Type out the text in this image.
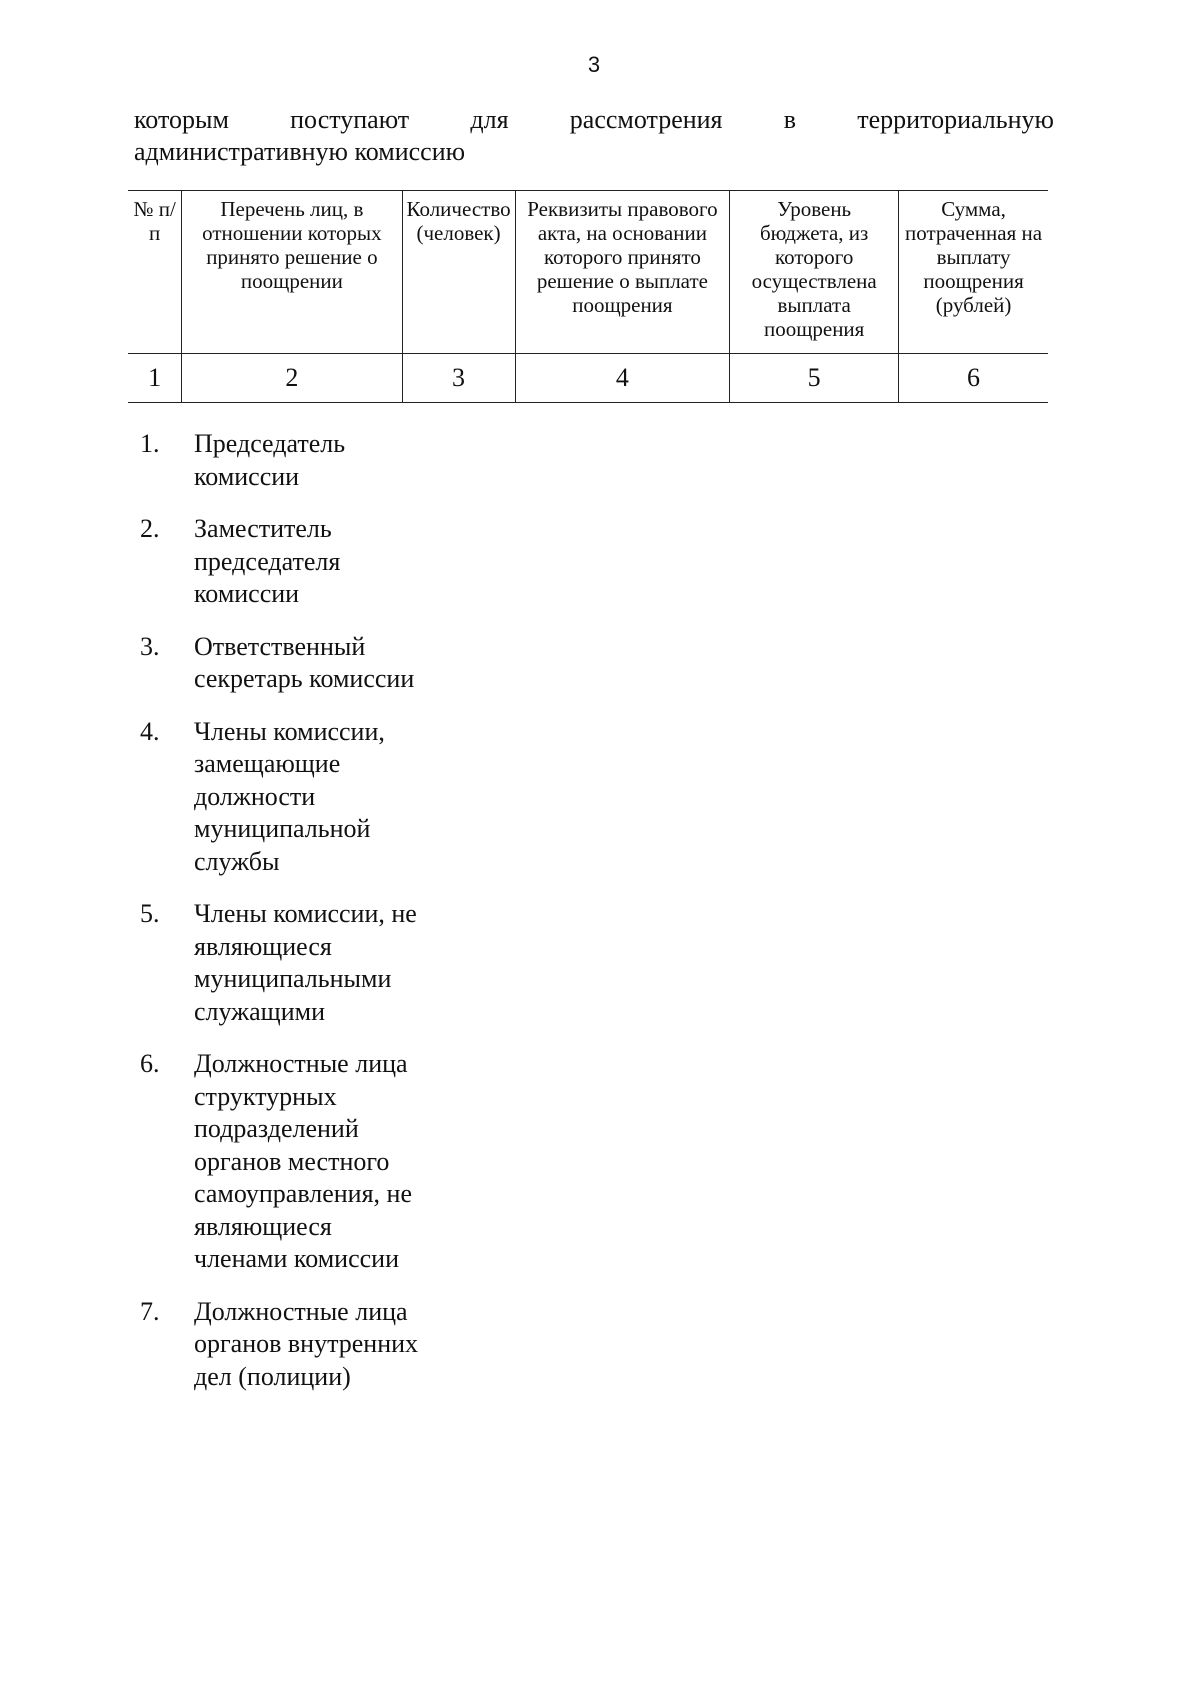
3
которым поступают для рассмотрения в территориальную
административную комиссию
№ п/п	Перечень лиц, в отношении которых принято решение о поощрении	Количество (человек)	Реквизиты правового акта, на основании которого принято решение о выплате поощрения	Уровень бюджета, из которого осуществлена выплата поощрения	Сумма, потраченная на выплату поощрения (рублей)
1	2	3	4	5	6
1.	Председатель комиссии
2.	Заместитель председателя комиссии
3.	Ответственный секретарь комиссии
4.	Члены комиссии, замещающие должности муниципальной службы
5.	Члены комиссии, не являющиеся муниципальными служащими
6.	Должностные лица структурных подразделений органов местного самоуправления, не являющиеся членами комиссии
7.	Должностные лица органов внутренних дел (полиции)
